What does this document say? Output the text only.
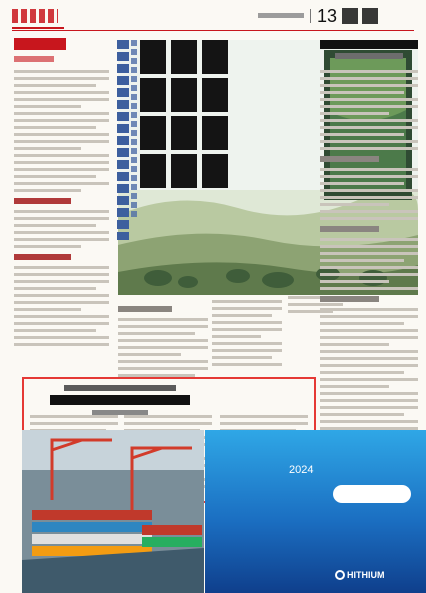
13
2024
HITHIUM
